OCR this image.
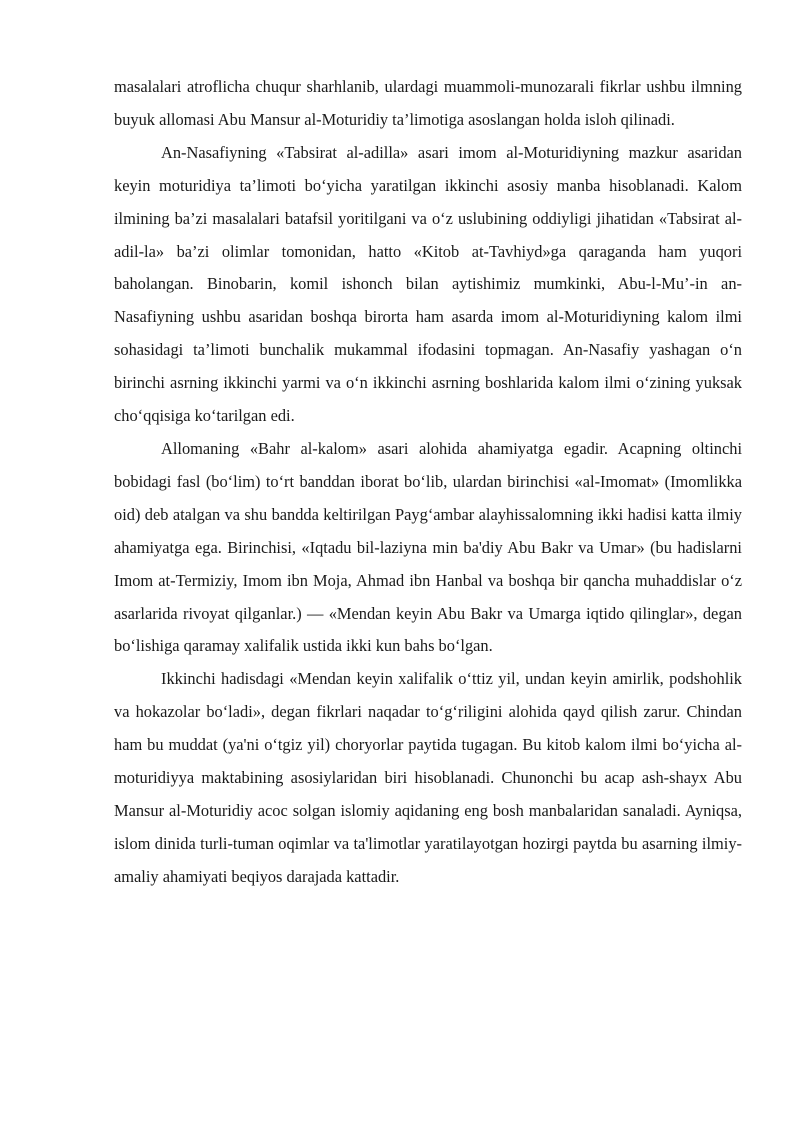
masalalari atroflicha chuqur sharhlanib, ulardagi muammoli-munozarali fikrlar ushbu ilmning buyuk allomasi Abu Mansur al-Moturidiy ta’limotiga asoslangan holda isloh qilinadi.

An-Nasafiyning «Tabsirat al-adilla» asari imom al-Moturidiyning mazkur asaridan keyin moturidiya ta’limoti bo‘yicha yaratilgan ikkinchi asosiy manba hisoblanadi. Kalom ilmining ba’zi masalalari batafsil yoritilgani va o‘z uslubining oddiyligi jihatidan «Tabsirat al-adil-la» ba’zi olimlar tomonidan, hatto «Kitob at-Tavhiyd»ga qaraganda ham yuqori baholangan. Binobarin, komil ishonch bilan aytishimiz mumkinki, Abu-l-Mu’-in an-Nasafiyning ushbu asaridan boshqa birorta ham asarda imom al-Moturidiyning kalom ilmi sohasidagi ta’limoti bunchalik mukammal ifodasini topmagan. An-Nasafiy yashagan o‘n birinchi asrning ikkinchi yarmi va o‘n ikkinchi asrning boshlarida kalom ilmi o‘zining yuksak cho‘qqisiga ko‘tarilgan edi.

Allomaning «Bahr al-kalom» asari alohida ahamiyatga egadir. Acapning oltinchi bobidagi fasl (bo‘lim) to‘rt banddan iborat bo‘lib, ulardan birinchisi «al-Imomat» (Imomlikka oid) deb atalgan va shu bandda keltirilgan Payg‘ambar alayhissalomning ikki hadisi katta ilmiy ahamiyatga ega. Birinchisi, «Iqtadu bil-laziyna min ba'diy Abu Bakr va Umar» (bu hadislarni Imom at-Termiziy, Imom ibn Moja, Ahmad ibn Hanbal va boshqa bir qancha muhaddislar o‘z asarlarida rivoyat qilganlar.) — «Mendan keyin Abu Bakr va Umarga iqtido qilinglar», degan bo‘lishiga qaramay xalifalik ustida ikki kun bahs bo‘lgan.

Ikkinchi hadisdagi «Mendan keyin xalifalik o‘ttiz yil, undan keyin amirlik, podshohlik va hokazolar bo‘ladi», degan fikrlari naqadar to‘g‘riligini alohida qayd qilish zarur. Chindan ham bu muddat (ya'ni o‘tgiz yil) choryorlar paytida tugagan. Bu kitob kalom ilmi bo‘yicha al-moturidiyya maktabining asosiylaridan biri hisoblanadi. Chunonchi bu acap ash-shayx Abu Mansur al-Moturidiy acoc solgan islomiy aqidaning eng bosh manbalaridan sanaladi. Ayniqsa, islom dinida turli-tuman oqimlar va ta'limotlar yaratilayotgan hozirgi paytda bu asarning ilmiy-amaliy ahamiyati beqiyos darajada kattadir.
